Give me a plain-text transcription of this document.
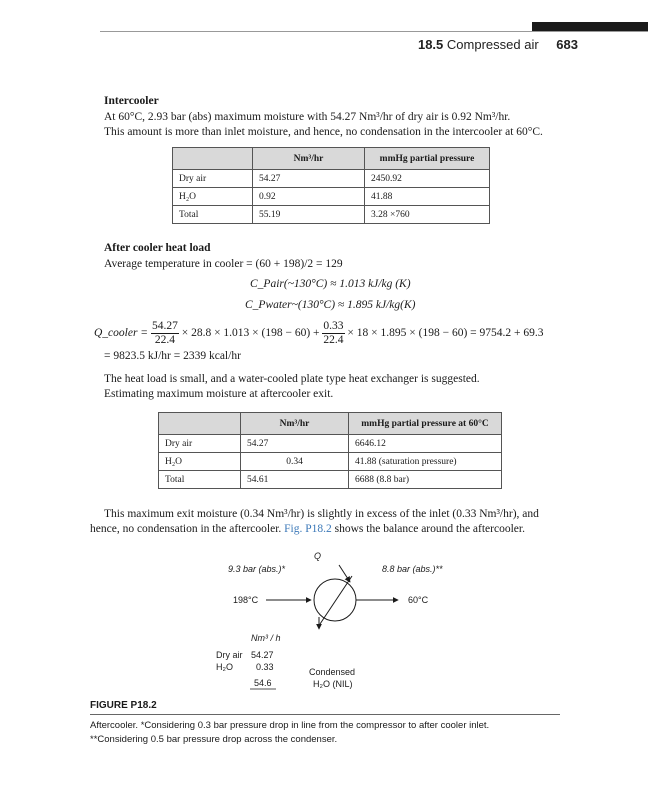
18.5 Compressed air 683
Intercooler
At 60°C, 2.93 bar (abs) maximum moisture with 54.27 Nm³/hr of dry air is 0.92 Nm³/hr.
This amount is more than inlet moisture, and hence, no condensation in the intercooler at 60°C.
	Nm³/hr	mmHg partial pressure
Dry air	54.27	2450.92
H₂O	0.92	41.88
Total	55.19	3.28 ×760
After cooler heat load
Average temperature in cooler = (60 + 198)/2 = 129
C_Pair(~130°C) ≈ 1.013 kJ/kg (K)
C_Pwater~(130°C) ≈ 1.895 kJ/kg(K)
Q_cooler = $\frac{54.27}{22.4} \times 28.8 \times 1.013 \times (198 - 60) + \frac{0.33}{22.4} \times 18 \times 1.895 \times (198 - 60) = 9754.2 + 69.3$
= 9823.5 kJ/hr = 2339 kcal/hr
The heat load is small, and a water-cooled plate type heat exchanger is suggested.
Estimating maximum moisture at aftercooler exit.
	Nm³/hr	mmHg partial pressure at 60°C
Dry air	54.27	6646.12
H₂O	0.34	41.88 (saturation pressure)
Total	54.61	6688 (8.8 bar)
This maximum exit moisture (0.34 Nm³/hr) is slightly in excess of the inlet (0.33 Nm³/hr), and
hence, no condensation in the aftercooler. Fig. P18.2 shows the balance around the aftercooler.
Q
9.3 bar (abs.)*	8.8 bar (abs.)**
198°C	60°C
Nm³ / h
Dry air 54.27
H₂O	0.33
54.6
Condensed
H₂O (NIL)
FIGURE P18.2
Aftercooler. *Considering 0.3 bar pressure drop in line from the compressor to after cooler inlet.
**Considering 0.5 bar pressure drop across the condenser.
